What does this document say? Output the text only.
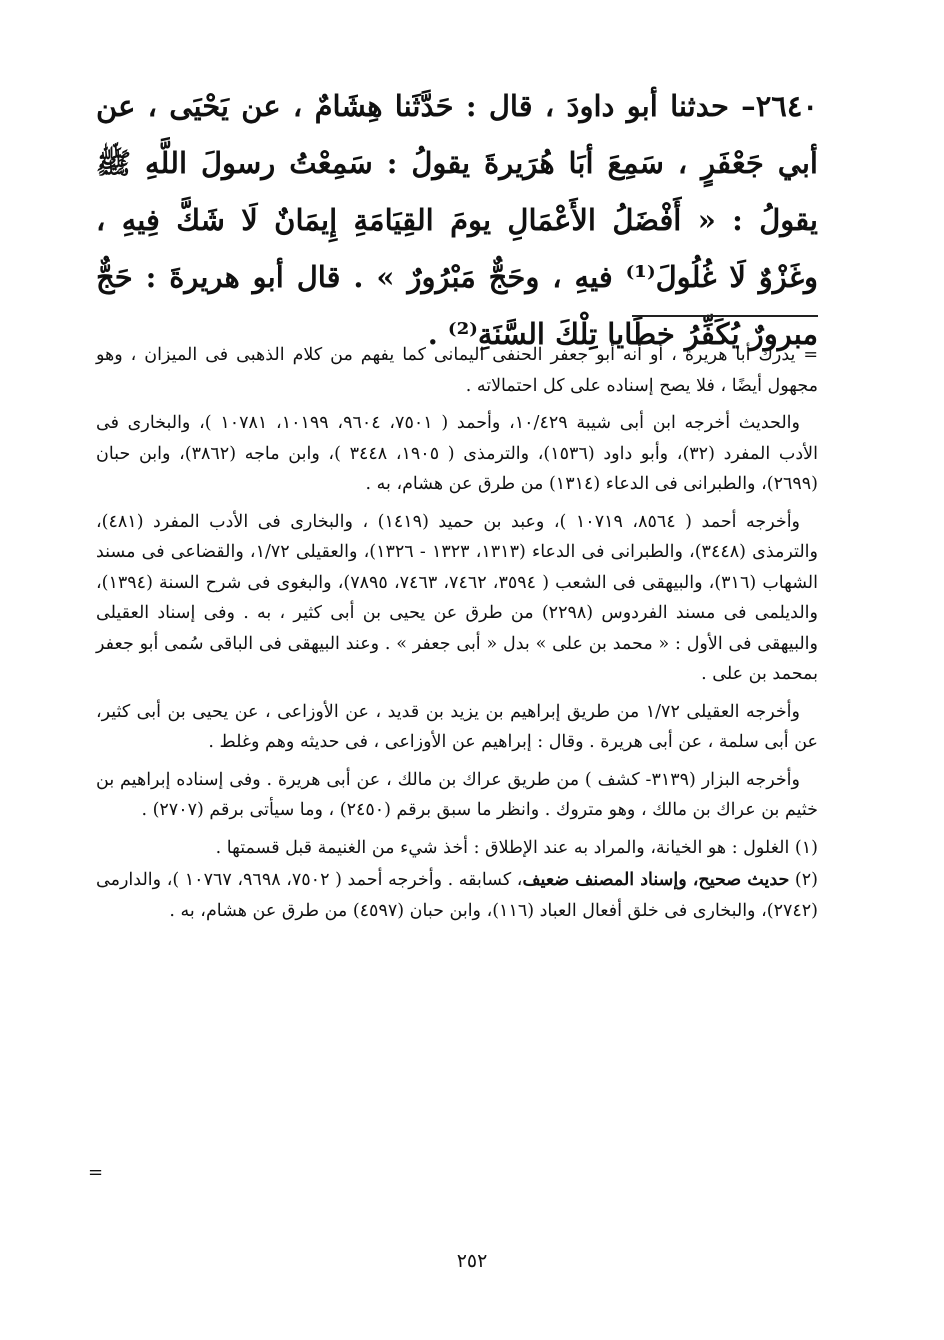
٢٦٤٠– حدثنا أبو داودَ ، قال : حَدَّثَنا هِشَامٌ ، عن يَحْيَى ، عن أبي جَعْفَرٍ ، سَمِعَ أبَا هُرَيرةَ يقولُ : سَمِعْتُ رسولَ اللَّهِ ﷺ يقولُ : « أَفْضَلُ الأَعْمَالِ يومَ القِيَامَةِ إِيمَانٌ لَا شَكَّ فِيهِ ، وغَزْوٌ لَا غُلُولَ⁽¹⁾ فيهِ ، وحَجٌّ مَبْرُورٌ » . قال أبو هريرةَ : حَجٌّ مبرورٌ يُكَفِّرُ خطَايا تِلْكَ السَّنَةِ⁽²⁾ .

= يدرك أبا هريرة ، أو أنه أبو جعفر الحنفى اليمانى كما يفهم من كلام الذهبى فى الميزان ، وهو مجهول أيضًا ، فلا يصح إسناده على كل احتمالاته .

والحديث أخرجه ابن أبى شيبة ١٠/٤٢٩، وأحمد ( ٧٥٠١، ٩٦٠٤، ١٠١٩٩، ١٠٧٨١ )، والبخارى فى الأدب المفرد (٣٢)، وأبو داود (١٥٣٦)، والترمذى ( ١٩٠٥، ٣٤٤٨ )، وابن ماجه (٣٨٦٢)، وابن حبان (٢٦٩٩)، والطبرانى فى الدعاء (١٣١٤) من طرق عن هشام، به .

وأخرجه أحمد ( ٨٥٦٤، ١٠٧١٩ )، وعبد بن حميد (١٤١٩) ، والبخارى فى الأدب المفرد (٤٨١)، والترمذى (٣٤٤٨)، والطبرانى فى الدعاء (١٣١٣، ١٣٢٣ - ١٣٢٦)، والعقيلى ١/٧٢، والقضاعى فى مسند الشهاب (٣١٦)، والبيهقى فى الشعب ( ٣٥٩٤، ٧٤٦٢، ٧٤٦٣، ٧٨٩٥)، والبغوى فى شرح السنة (١٣٩٤)، والديلمى فى مسند الفردوس (٢٢٩٨) من طرق عن يحيى بن أبى كثير ، به . وفى إسناد العقيلى والبيهقى فى الأول : « محمد بن على » بدل « أبى جعفر » . وعند البيهقى فى الباقى سُمى أبو جعفر بمحمد بن على .

وأخرجه العقيلى ١/٧٢ من طريق إبراهيم بن يزيد بن قديد ، عن الأوزاعى ، عن يحيى بن أبى كثير، عن أبى سلمة ، عن أبى هريرة . وقال : إبراهيم عن الأوزاعى ، فى حديثه وهم وغلط .

وأخرجه البزار (٣١٣٩- كشف ) من طريق عراك بن مالك ، عن أبى هريرة . وفى إسناده إبراهيم بن خثيم بن عراك بن مالك ، وهو متروك . وانظر ما سبق برقم (٢٤٥٠) ، وما سيأتى برقم (٢٧٠٧) .

(١) الغلول : هو الخيانة، والمراد به عند الإطلاق : أخذ شيء من الغنيمة قبل قسمتها .

(٢) حديث صحيح، وإسناد المصنف ضعيف، كسابقه . وأخرجه أحمد ( ٧٥٠٢، ٩٦٩٨، ١٠٧٦٧ )، والدارمى (٢٧٤٢)، والبخارى فى خلق أفعال العباد (١١٦)، وابن حبان (٤٥٩٧) من طرق عن هشام، به .

=
٢٥٢
